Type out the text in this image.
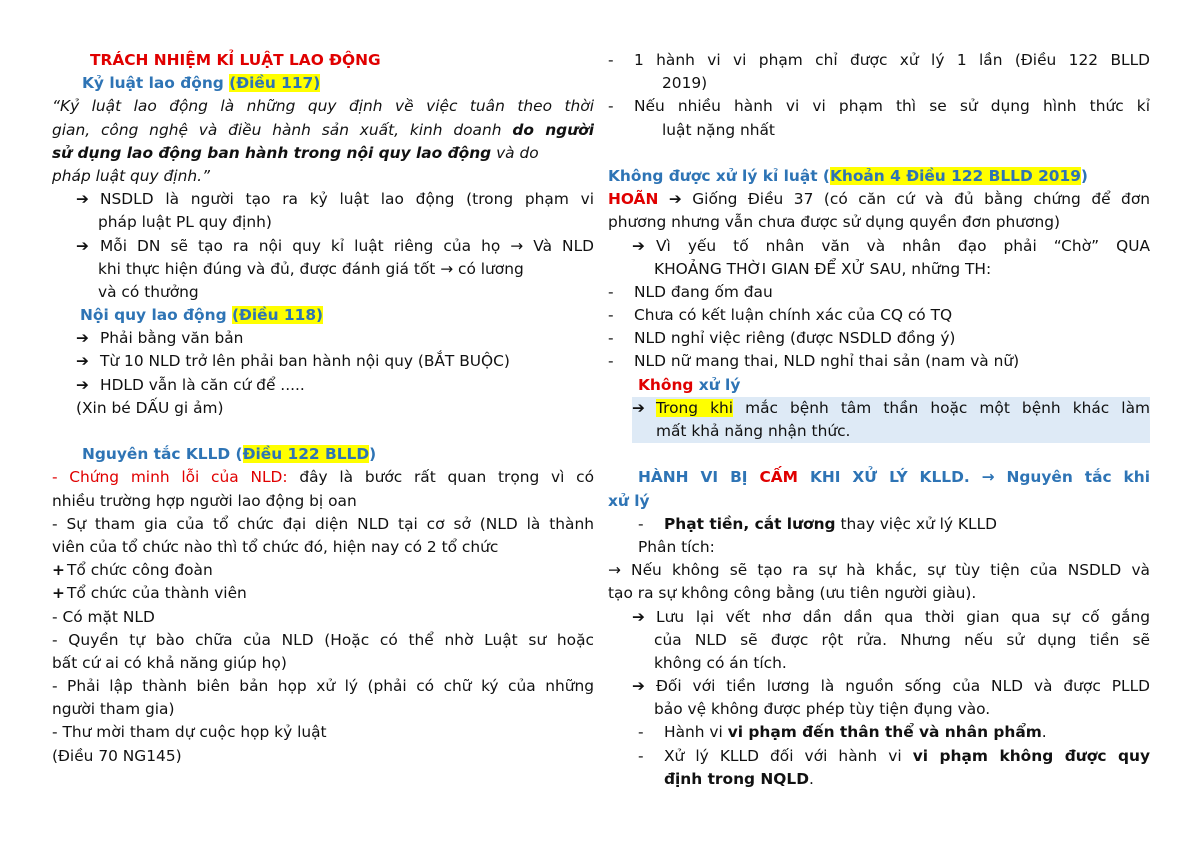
TRÁCH NHIỆM KỈ LUẬT LAO ĐỘNG
Kỷ luật lao động (Điều 117)
“Kỷ luật lao động là những quy định về việc tuân theo thời
gian, công nghệ và điều hành sản xuất, kinh doanh do người
sử dụng lao động ban hành trong nội quy lao động và do
pháp luật quy định.”
➔ NSDLD là người tạo ra kỷ luật lao động (trong phạm vi
pháp luật PL quy định)
➔ Mỗi DN sẽ tạo ra nội quy kỉ luật riêng của họ → Và NLD
khi thực hiện đúng và đủ, được đánh giá tốt → có lương
và có thưởng
Nội quy lao động (Điều 118)
➔ Phải bằng văn bản
➔ Từ 10 NLD trở lên phải ban hành nội quy (BẮT BUỘC)
➔ HDLD vẫn là căn cứ để .....
(Xin bé DẤU gi ảm)
Nguyên tắc KLLD (Điều 122 BLLD)
- Chứng minh lỗi của NLD: đây là bước rất quan trọng vì có
nhiều trường hợp người lao động bị oan
- Sự tham gia của tổ chức đại diện NLD tại cơ sở (NLD là thành
viên của tổ chức nào thì tổ chức đó, hiện nay có 2 tổ chức
+ Tổ chức công đoàn
+ Tổ chức của thành viên
- Có mặt NLD
- Quyền tự bào chữa của NLD (Hoặc có thể nhờ Luật sư hoặc
bất cứ ai có khả năng giúp họ)
- Phải lập thành biên bản họp xử lý (phải có chữ ký của những
người tham gia)
- Thư mời tham dự cuộc họp kỷ luật
(Điều 70 NG145)
- 1 hành vi vi phạm chỉ được xử lý 1 lần (Điều 122 BLLD
2019)
- Nếu nhiều hành vi vi phạm thì se sử dụng hình thức kỉ
luật nặng nhất
Không được xử lý kỉ luật (Khoản 4 Điều 122 BLLD 2019)
HOÃN ➔ Giống Điều 37 (có căn cứ và đủ bằng chứng để đơn
phương nhưng vẫn chưa được sử dụng quyền đơn phương)
➔ Vì yếu tố nhân văn và nhân đạo phải “Chờ” QUA
KHOẢNG THỜI GIAN ĐỂ XỬ SAU, những TH:
- NLD đang ốm đau
- Chưa có kết luận chính xác của CQ có TQ
- NLD nghỉ việc riêng (được NSDLD đồng ý)
- NLD nữ mang thai, NLD nghỉ thai sản (nam và nữ)
Không xử lý
➔ Trong khi mắc bệnh tâm thần hoặc một bệnh khác làm
mất khả năng nhận thức.
HÀNH VI BỊ CẤM KHI XỬ LÝ KLLD. → Nguyên tắc khi
xử lý
- Phạt tiền, cắt lương thay việc xử lý KLLD
Phân tích:
→ Nếu không sẽ tạo ra sự hà khắc, sự tùy tiện của NSDLD và
tạo ra sự không công bằng (ưu tiên người giàu).
➔ Lưu lại vết nhơ dần dần qua thời gian qua sự cố gắng
của NLD sẽ được rột rửa. Nhưng nếu sử dụng tiền sẽ
không có án tích.
➔ Đối với tiền lương là nguồn sống của NLD và được PLLD
bảo vệ không được phép tùy tiện đụng vào.
- Hành vi vi phạm đến thân thể và nhân phẩm.
- Xử lý KLLD đối với hành vi vi phạm không được quy
định trong NQLD.
